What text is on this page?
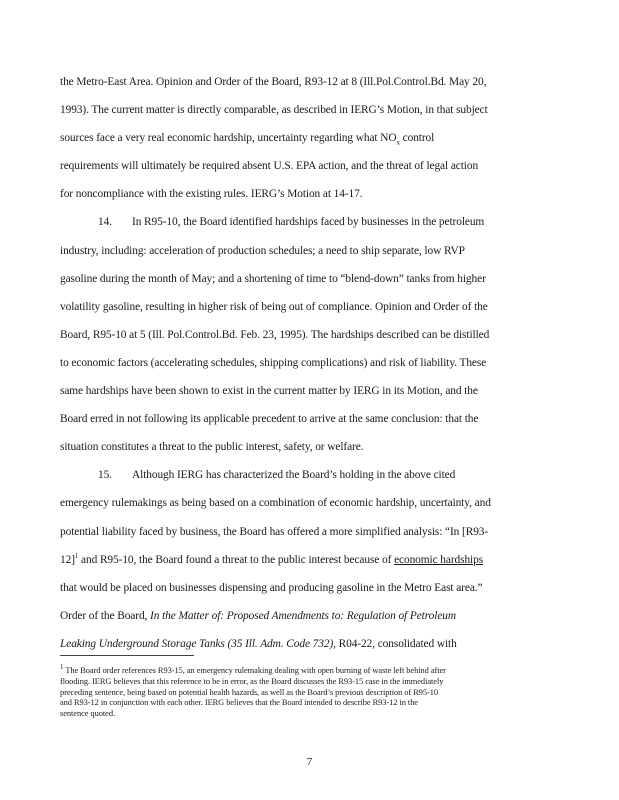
the Metro-East Area. Opinion and Order of the Board, R93-12 at 8 (Ill.Pol.Control.Bd. May 20,
1993). The current matter is directly comparable, as described in IERG’s Motion, in that subject
sources face a very real economic hardship, uncertainty regarding what $NO_x$ control
requirements will ultimately be required absent U.S. EPA action, and the threat of legal action
for noncompliance with the existing rules. IERG’s Motion at 14-17.
14. In R95-10, the Board identified hardships faced by businesses in the petroleum
industry, including: acceleration of production schedules; a need to ship separate, low RVP
gasoline during the month of May; and a shortening of time to “blend-down” tanks from higher
volatility gasoline, resulting in higher risk of being out of compliance. Opinion and Order of the
Board, R95-10 at 5 (Ill. Pol.Control.Bd. Feb. 23, 1995). The hardships described can be distilled
to economic factors (accelerating schedules, shipping complications) and risk of liability. These
same hardships have been shown to exist in the current matter by IERG in its Motion, and the
Board erred in not following its applicable precedent to arrive at the same conclusion: that the
situation constitutes a threat to the public interest, safety, or welfare.
15. Although IERG has characterized the Board’s holding in the above cited
emergency rulemakings as being based on a combination of economic hardship, uncertainty, and
potential liability faced by business, the Board has offered a more simplified analysis: “In [R93-
12]$^1$ and R95-10, the Board found a threat to the public interest because of economic hardships
that would be placed on businesses dispensing and producing gasoline in the Metro East area.”
Order of the Board, In the Matter of: Proposed Amendments to: Regulation of Petroleum
Leaking Underground Storage Tanks (35 Ill. Adm. Code 732), R04-22, consolidated with
$^1$ The Board order references R93-15, an emergency rulemaking dealing with open burning of waste left behind after
flooding. IERG believes that this reference to be in error, as the Board discusses the R93-15 case in the immediately
preceding sentence, being based on potential health hazards, as well as the Board’s previous description of R95-10
and R93-12 in conjunction with each other. IERG believes that the Board intended to describe R93-12 in the
sentence quoted.
7
